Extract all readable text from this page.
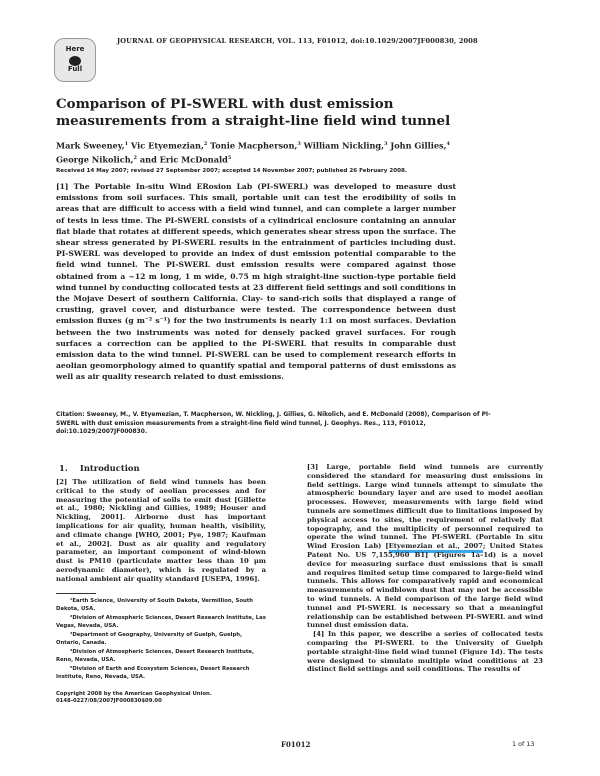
Here
Full
JOURNAL OF GEOPHYSICAL RESEARCH, VOL. 113, F01012, doi:10.1029/2007JF000830, 2008
Comparison of PI-SWERL with dust emission measurements from a straight-line field wind tunnel
Mark Sweeney,$^1$ Vic Etyemezian,$^2$ Tonie Macpherson,$^3$ William Nickling,$^3$ John Gillies,$^4$
George Nikolich,$^2$ and Eric McDonald$^5$
Received 14 May 2007; revised 27 September 2007; accepted 14 November 2007; published 26 February 2008.

[1] The Portable In-situ Wind ERosion Lab (PI-SWERL) was developed to measure dust emissions from soil surfaces. This small, portable unit can test the erodibility of soils in areas that are difficult to access with a field wind tunnel, and can complete a larger number of tests in less time. The PI-SWERL consists of a cylindrical enclosure containing an annular flat blade that rotates at different speeds, which generates shear stress upon the surface. The shear stress generated by PI-SWERL results in the entrainment of particles including dust. PI-SWERL was developed to provide an index of dust emission potential comparable to the field wind tunnel. The PI-SWERL dust emission results were compared against those obtained from a ~12 m long, 1 m wide, 0.75 m high straight-line suction-type portable field wind tunnel by conducting collocated tests at 23 different field settings and soil conditions in the Mojave Desert of southern California. Clay- to sand-rich soils that displayed a range of crusting, gravel cover, and disturbance were tested. The correspondence between dust emission fluxes (g m⁻² s⁻¹) for the two instruments is nearly 1:1 on most surfaces. Deviation between the two instruments was noted for densely packed gravel surfaces. For rough surfaces a correction can be applied to the PI-SWERL that results in comparable dust emission data to the wind tunnel. PI-SWERL can be used to complement research efforts in aeolian geomorphology aimed to quantify spatial and temporal patterns of dust emissions as well as air quality research related to dust emissions.

Citation: Sweeney, M., V. Etyemezian, T. Macpherson, W. Nickling, J. Gillies, G. Nikolich, and E. McDonald (2008), Comparison of PI-SWERL with dust emission measurements from a straight-line field wind tunnel, J. Geophys. Res., 113, F01012, doi:10.1029/2007JF000830.

1. Introduction

[2] The utilization of field wind tunnels has been critical to the study of aeolian processes and for measuring the potential of soils to emit dust [Gillette et al., 1980; Nickling and Gillies, 1989; Houser and Nickling, 2001]. Airborne dust has important implications for air quality, human health, visibility, and climate change [WHO, 2001; Pye, 1987; Kaufman et al., 2002]. Dust as air quality and regulatory parameter, an important component of wind-blown dust is PM10 (particulate matter less than 10 μm aerodynamic diameter), which is regulated by a national ambient air quality standard [USEPA, 1996].

¹Earth Science, University of South Dakota, Vermillion, South Dakota, USA.
²Division of Atmospheric Sciences, Desert Research Institute, Las Vegas, Nevada, USA.
³Department of Geography, University of Guelph, Guelph, Ontario, Canada.
⁴Division of Atmospheric Sciences, Desert Research Institute, Reno, Nevada, USA.
⁵Division of Earth and Ecosystem Sciences, Desert Research Institute, Reno, Nevada, USA.
Copyright 2008 by the American Geophysical Union.
0148-0227/08/2007JF000830$09.00

[3] Large, portable field wind tunnels are currently considered the standard for measuring dust emissions in field settings. Large wind tunnels attempt to simulate the atmospheric boundary layer and are used to model aeolian processes. However, measurements with large field wind tunnels are sometimes difficult due to limitations imposed by physical access to sites, the requirement of relatively flat topography, and the multiplicity of personnel required to operate the wind tunnel. The PI-SWERL (Portable In situ Wind Erosion Lab) [Etyemezian et al., 2007; United States Patent No. US 7,155,960 B1] (Figures 1a–1d) is a novel device for measuring surface dust emissions that is small and requires limited setup time compared to large-field wind tunnels. This allows for comparatively rapid and economical measurements of windblown dust that may not be accessible to wind tunnels. A field comparison of the large field wind tunnel and PI-SWERL is necessary so that a meaningful relationship can be established between PI-SWERL and wind tunnel dust emission data.

[4] In this paper, we describe a series of collocated tests comparing the PI-SWERL to the University of Guelph portable straight-line field wind tunnel (Figure 1d). The tests were designed to simulate multiple wind conditions at 23 distinct field settings and soil conditions. The results of

F01012	1 of 13
